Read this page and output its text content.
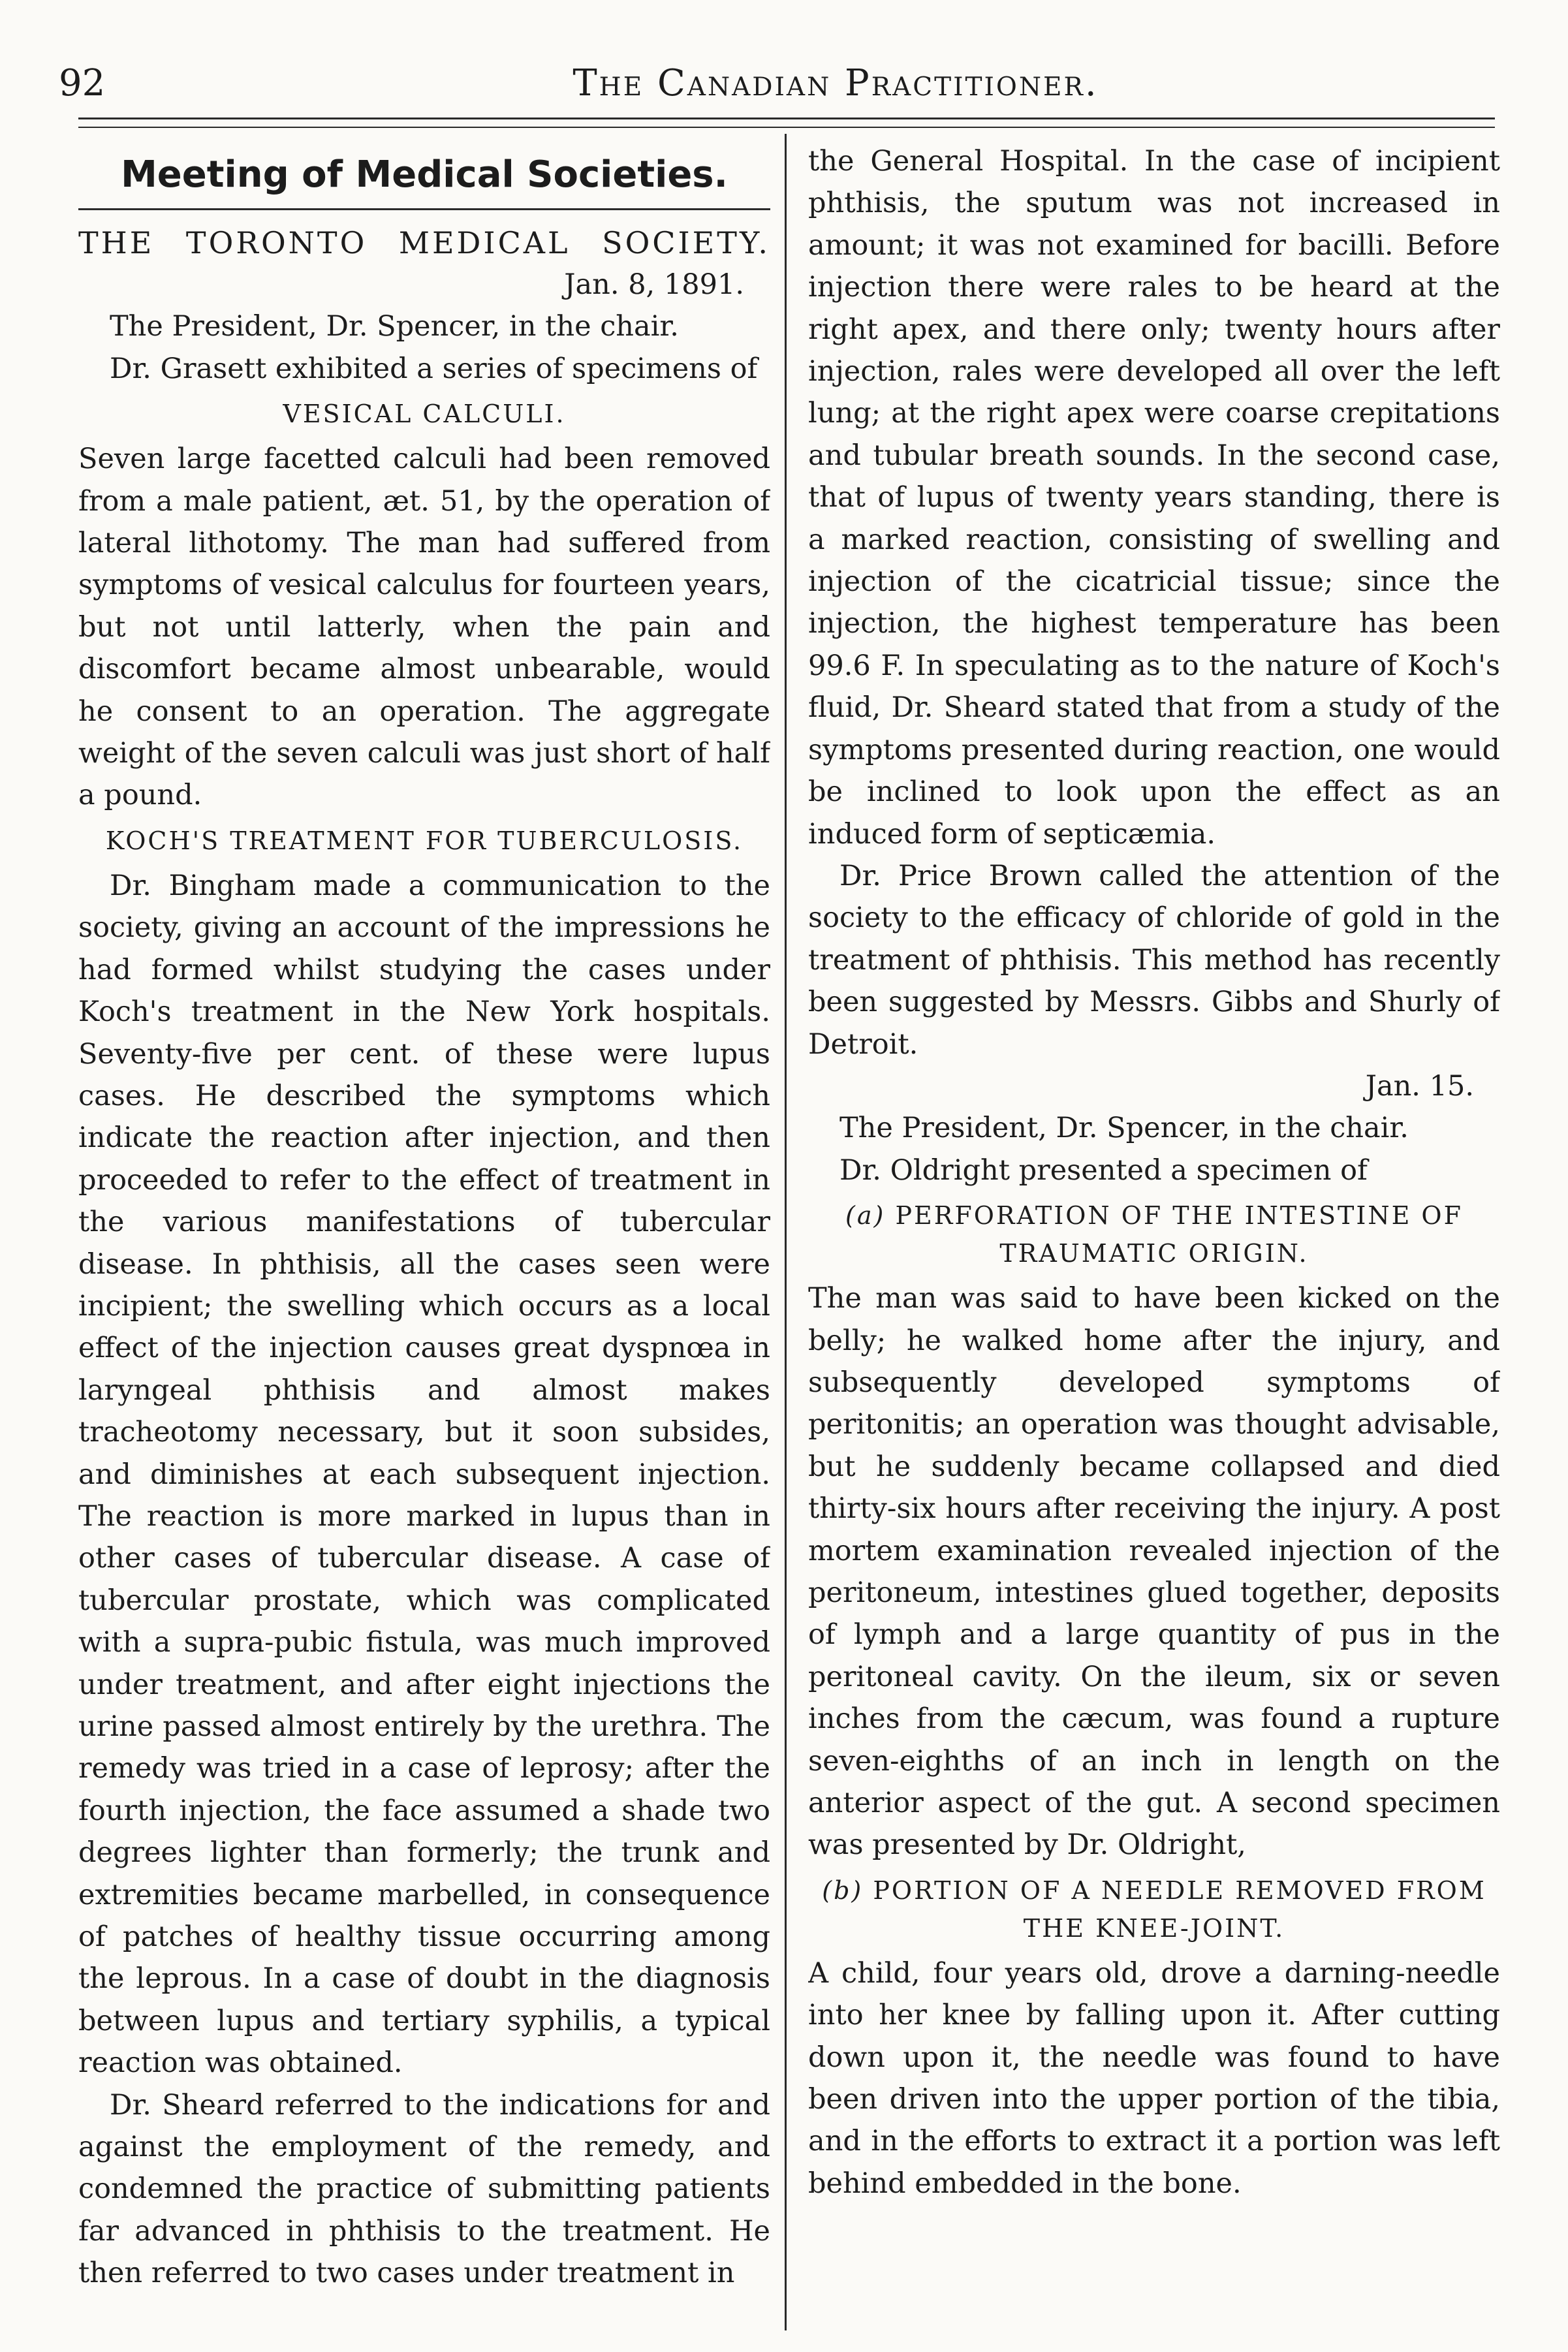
92	The Canadian Practitioner.
Meeting of Medical Societies.
THE TORONTO MEDICAL SOCIETY.
Jan. 8, 1891.

The President, Dr. Spencer, in the chair.

Dr. Grasett exhibited a series of specimens of

VESICAL CALCULI.

Seven large facetted calculi had been removed from a male patient, æt. 51, by the operation of lateral lithotomy. The man had suffered from symptoms of vesical calculus for fourteen years, but not until latterly, when the pain and discomfort became almost unbearable, would he consent to an operation. The aggregate weight of the seven calculi was just short of half a pound.

KOCH'S TREATMENT FOR TUBERCULOSIS.

Dr. Bingham made a communication to the society, giving an account of the impressions he had formed whilst studying the cases under Koch's treatment in the New York hospitals. Seventy-five per cent. of these were lupus cases. He described the symptoms which indicate the reaction after injection, and then proceeded to refer to the effect of treatment in the various manifestations of tubercular disease. In phthisis, all the cases seen were incipient; the swelling which occurs as a local effect of the injection causes great dyspnœa in laryngeal phthisis and almost makes tracheotomy necessary, but it soon subsides, and diminishes at each subsequent injection. The reaction is more marked in lupus than in other cases of tubercular disease. A case of tubercular prostate, which was complicated with a supra-pubic fistula, was much improved under treatment, and after eight injections the urine passed almost entirely by the urethra. The remedy was tried in a case of leprosy; after the fourth injection, the face assumed a shade two degrees lighter than formerly; the trunk and extremities became marbelled, in consequence of patches of healthy tissue occurring among the leprous. In a case of doubt in the diagnosis between lupus and tertiary syphilis, a typical reaction was obtained.

Dr. Sheard referred to the indications for and against the employment of the remedy, and condemned the practice of submitting patients far advanced in phthisis to the treatment. He then referred to two cases under treatment in

the General Hospital. In the case of incipient phthisis, the sputum was not increased in amount; it was not examined for bacilli. Before injection there were rales to be heard at the right apex, and there only; twenty hours after injection, rales were developed all over the left lung; at the right apex were coarse crepitations and tubular breath sounds. In the second case, that of lupus of twenty years standing, there is a marked reaction, consisting of swelling and injection of the cicatricial tissue; since the injection, the highest temperature has been 99.6 F. In speculating as to the nature of Koch's fluid, Dr. Sheard stated that from a study of the symptoms presented during reaction, one would be inclined to look upon the effect as an induced form of septicæmia.

Dr. Price Brown called the attention of the society to the efficacy of chloride of gold in the treatment of phthisis. This method has recently been suggested by Messrs. Gibbs and Shurly of Detroit.

Jan. 15.

The President, Dr. Spencer, in the chair.

Dr. Oldright presented a specimen of

(a) PERFORATION OF THE INTESTINE OF TRAUMATIC ORIGIN.

The man was said to have been kicked on the belly; he walked home after the injury, and subsequently developed symptoms of peritonitis; an operation was thought advisable, but he suddenly became collapsed and died thirty-six hours after receiving the injury. A post mortem examination revealed injection of the peritoneum, intestines glued together, deposits of lymph and a large quantity of pus in the peritoneal cavity. On the ileum, six or seven inches from the cæcum, was found a rupture seven-eighths of an inch in length on the anterior aspect of the gut. A second specimen was presented by Dr. Oldright,

(b) PORTION OF A NEEDLE REMOVED FROM THE KNEE-JOINT.

A child, four years old, drove a darning-needle into her knee by falling upon it. After cutting down upon it, the needle was found to have been driven into the upper portion of the tibia, and in the efforts to extract it a portion was left behind embedded in the bone.
